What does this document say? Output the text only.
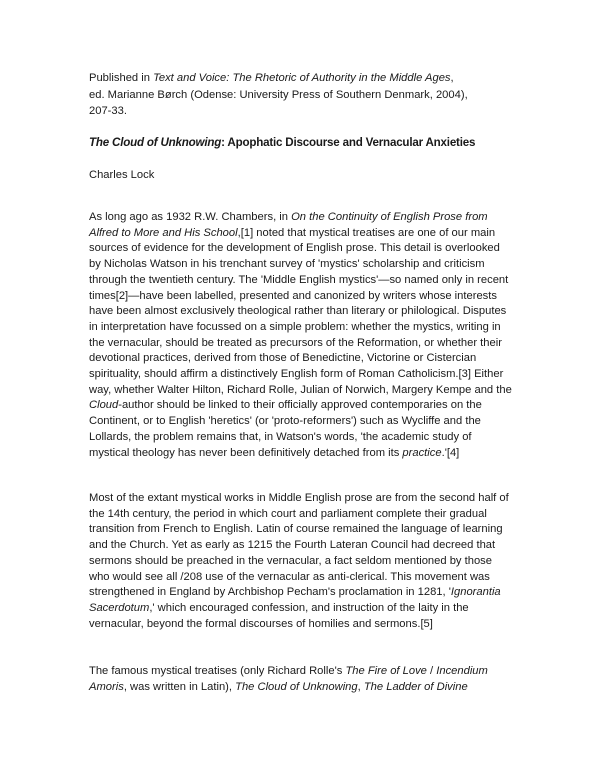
Published in Text and Voice: The Rhetoric of Authority in the Middle Ages, ed. Marianne Børch (Odense: University Press of Southern Denmark, 2004), 207-33.
The Cloud of Unknowing: Apophatic Discourse and Vernacular Anxieties
Charles Lock

As long ago as 1932 R.W. Chambers, in On the Continuity of English Prose from Alfred to More and His School,[1] noted that mystical treatises are one of our main sources of evidence for the development of English prose. This detail is overlooked by Nicholas Watson in his trenchant survey of 'mystics' scholarship and criticism through the twentieth century. The 'Middle English mystics'—so named only in recent times[2]—have been labelled, presented and canonized by writers whose interests have been almost exclusively theological rather than literary or philological. Disputes in interpretation have focussed on a simple problem: whether the mystics, writing in the vernacular, should be treated as precursors of the Reformation, or whether their devotional practices, derived from those of Benedictine, Victorine or Cistercian spirituality, should affirm a distinctively English form of Roman Catholicism.[3] Either way, whether Walter Hilton, Richard Rolle, Julian of Norwich, Margery Kempe and the Cloud-author should be linked to their officially approved contemporaries on the Continent, or to English 'heretics' (or 'proto-reformers') such as Wycliffe and the Lollards, the problem remains that, in Watson's words, 'the academic study of mystical theology has never been definitively detached from its practice.'[4]

Most of the extant mystical works in Middle English prose are from the second half of the 14th century, the period in which court and parliament complete their gradual transition from French to English. Latin of course remained the language of learning and the Church. Yet as early as 1215 the Fourth Lateran Council had decreed that sermons should be preached in the vernacular, a fact seldom mentioned by those who would see all /208 use of the vernacular as anti-clerical. This movement was strengthened in England by Archbishop Pecham's proclamation in 1281, 'Ignorantia Sacerdotum,' which encouraged confession, and instruction of the laity in the vernacular, beyond the formal discourses of homilies and sermons.[5]

The famous mystical treatises (only Richard Rolle's The Fire of Love / Incendium Amoris, was written in Latin), The Cloud of Unknowing, The Ladder of Divine
